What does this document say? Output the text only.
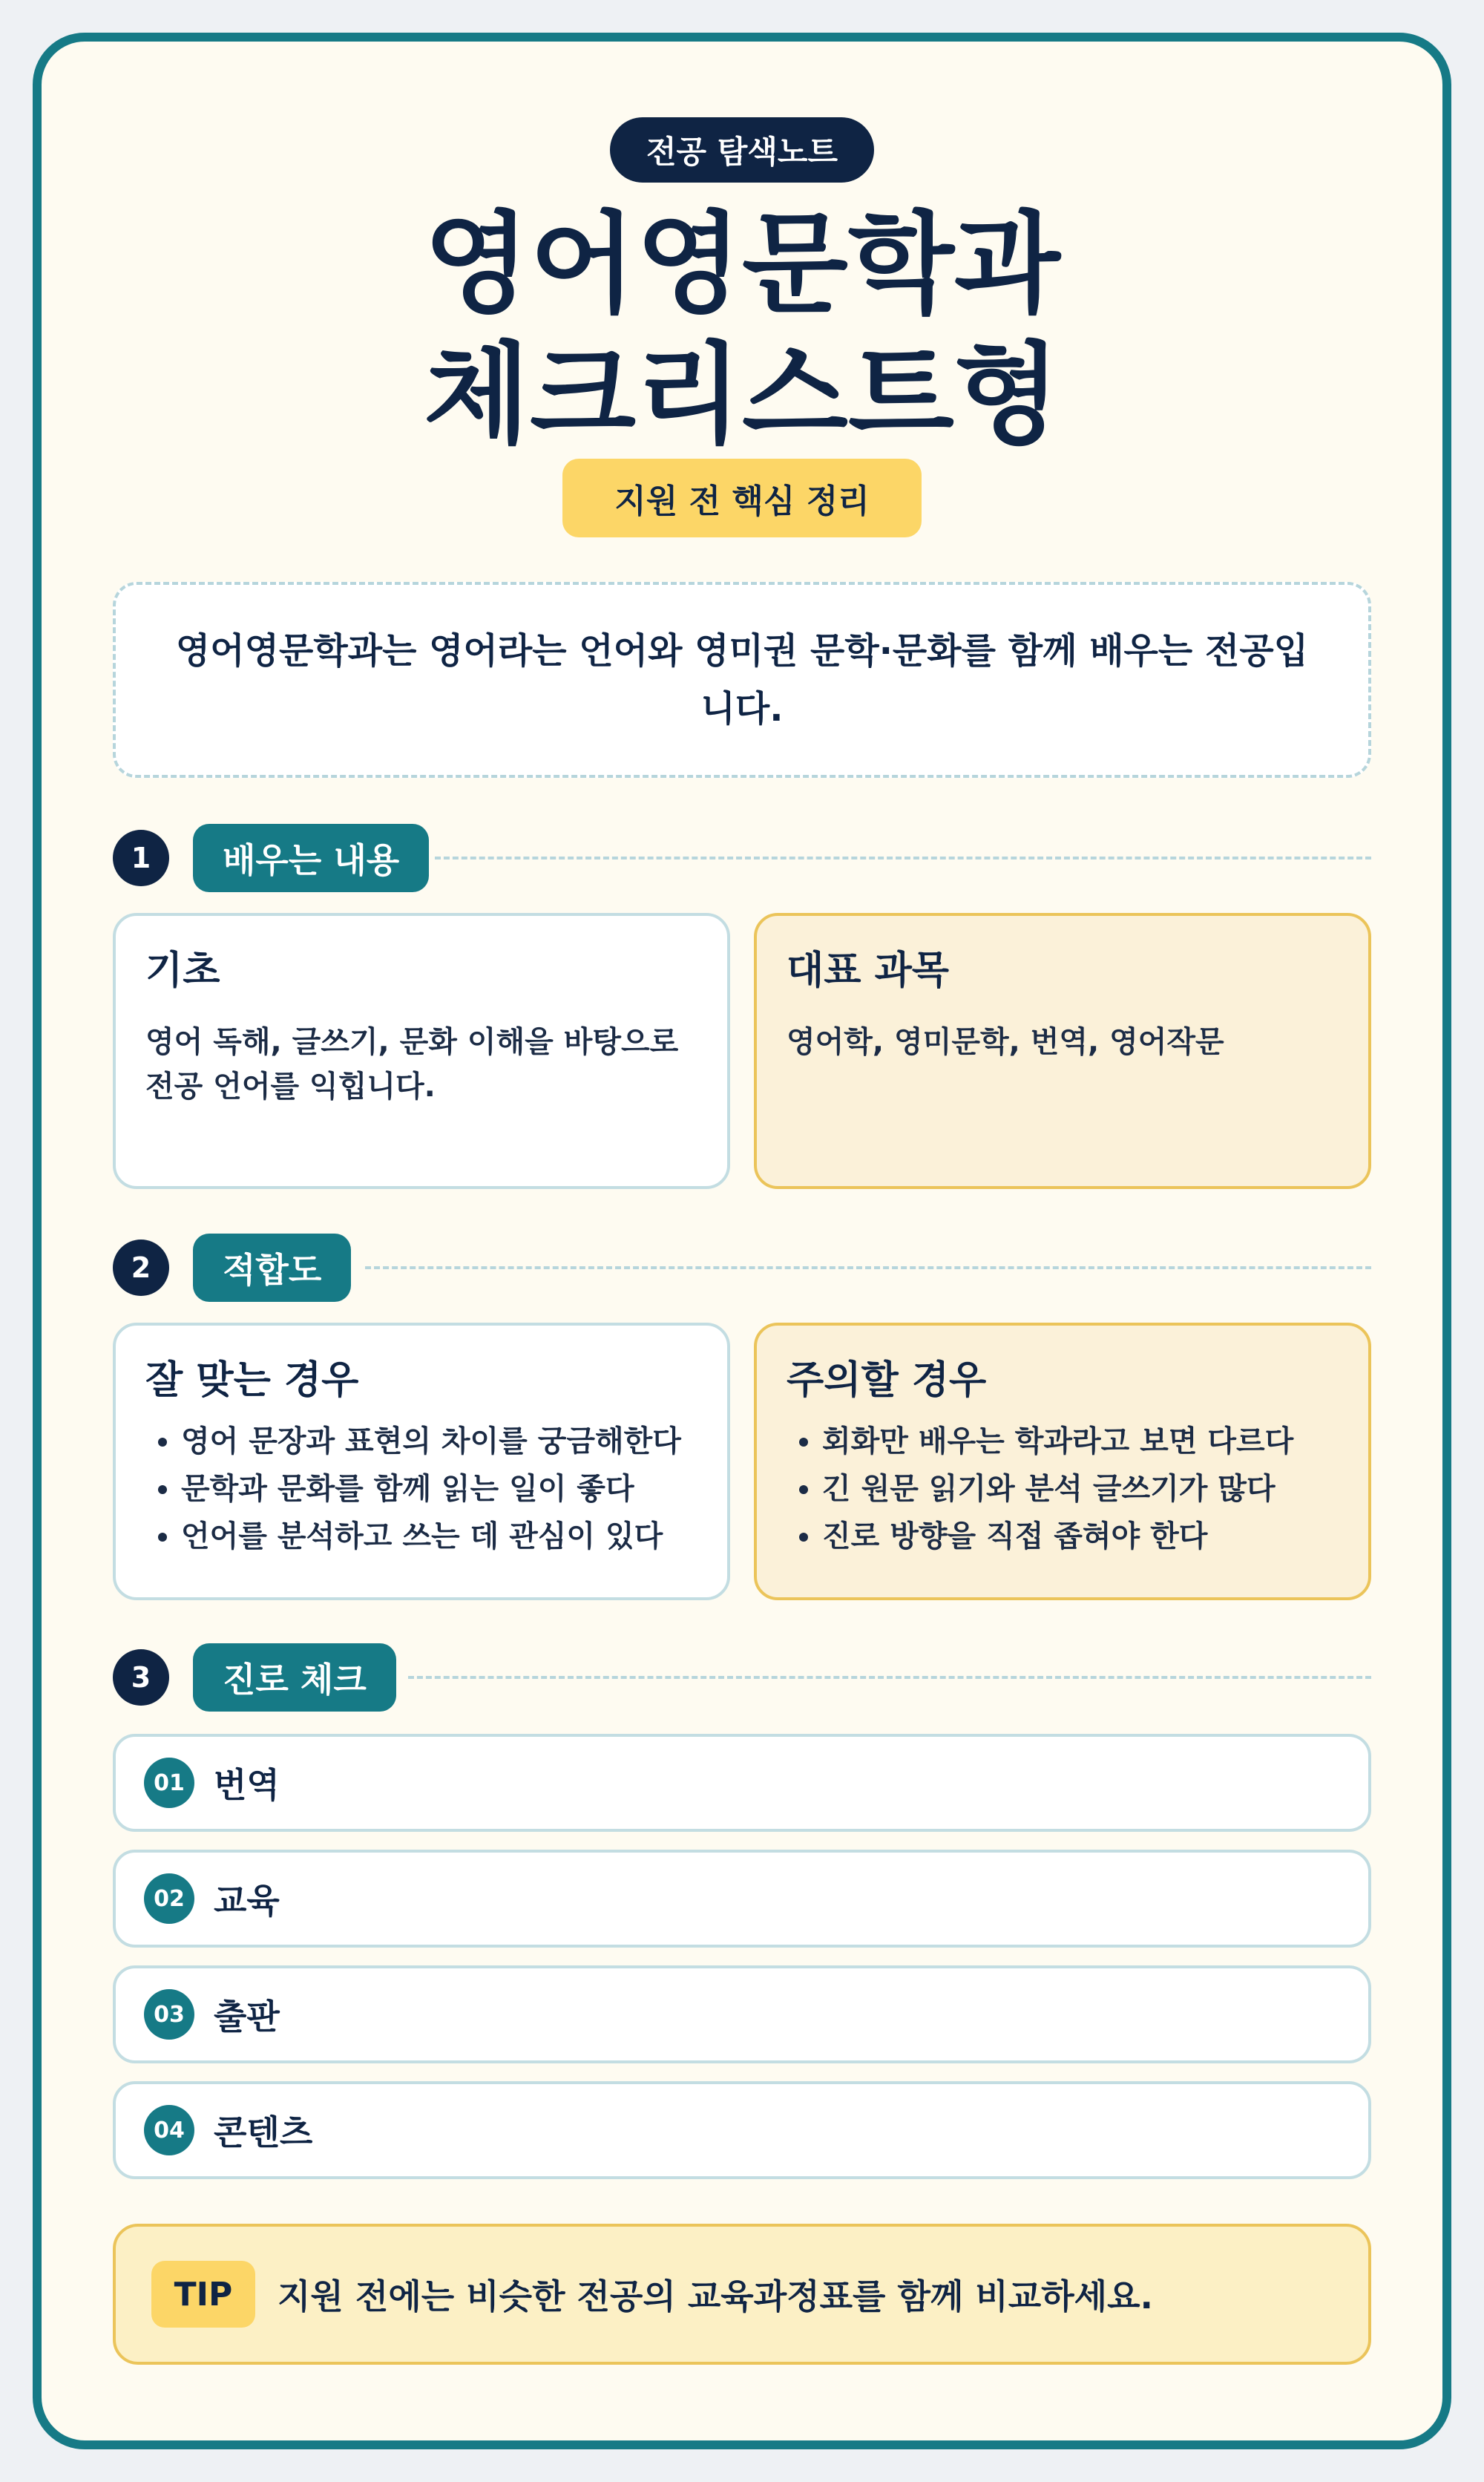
전공 탐색노트
영어영문학과
체크리스트형
지원 전 핵심 정리
영어영문학과는 영어라는 언어와 영미권 문학·문화를 함께 배우는 전공입니다.
1	배우는 내용
기초
영어 독해, 글쓰기, 문화 이해을 바탕으로 전공 언어를 익힙니다.
대표 과목
영어학, 영미문학, 번역, 영어작문
2	적합도
잘 맞는 경우
• 영어 문장과 표현의 차이를 궁금해한다
• 문학과 문화를 함께 읽는 일이 좋다
• 언어를 분석하고 쓰는 데 관심이 있다
주의할 경우
• 회화만 배우는 학과라고 보면 다르다
• 긴 원문 읽기와 분석 글쓰기가 많다
• 진로 방향을 직접 좁혀야 한다
3	진로 체크
01 번역
02 교육
03 출판
04 콘텐츠
TIP	지원 전에는 비슷한 전공의 교육과정표를 함께 비교하세요.
